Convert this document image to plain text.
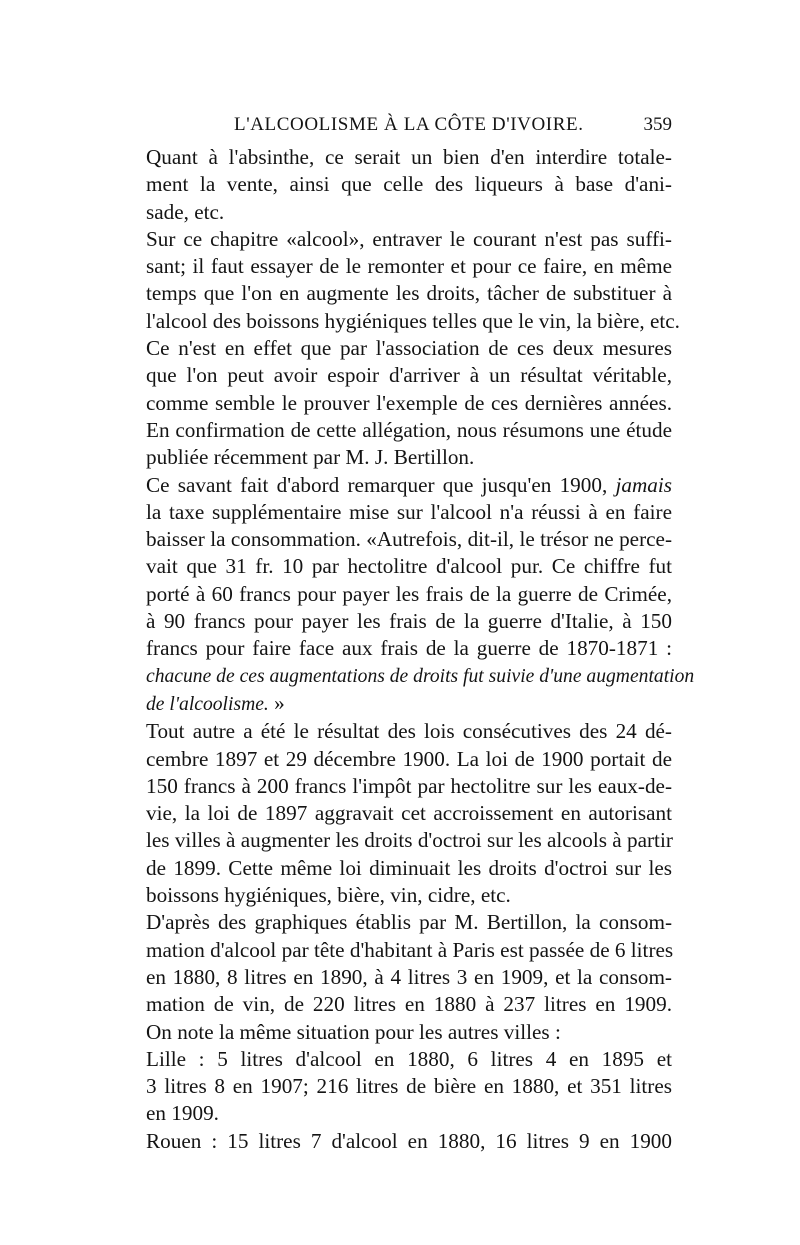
L'ALCOOLISME À LA CÔTE D'IVOIRE.	359
Quant à l'absinthe, ce serait un bien d'en interdire totale-
ment la vente, ainsi que celle des liqueurs à base d'ani-
sade, etc.
Sur ce chapitre «alcool», entraver le courant n'est pas suffi-
sant; il faut essayer de le remonter et pour ce faire, en même
temps que l'on en augmente les droits, tâcher de substituer à
l'alcool des boissons hygiéniques telles que le vin, la bière, etc.
Ce n'est en effet que par l'association de ces deux mesures
que l'on peut avoir espoir d'arriver à un résultat véritable,
comme semble le prouver l'exemple de ces dernières années.
En confirmation de cette allégation, nous résumons une étude
publiée récemment par M. J. Bertillon.
Ce savant fait d'abord remarquer que jusqu'en 1900, jamais
la taxe supplémentaire mise sur l'alcool n'a réussi à en faire
baisser la consommation. «Autrefois, dit-il, le trésor ne perce-
vait que 31 fr. 10 par hectolitre d'alcool pur. Ce chiffre fut
porté à 60 francs pour payer les frais de la guerre de Crimée,
à 90 francs pour payer les frais de la guerre d'Italie, à 150
francs pour faire face aux frais de la guerre de 1870-1871 :
chacune de ces augmentations de droits fut suivie d'une augmentation
de l'alcoolisme. »
Tout autre a été le résultat des lois consécutives des 24 dé-
cembre 1897 et 29 décembre 1900. La loi de 1900 portait de
150 francs à 200 francs l'impôt par hectolitre sur les eaux-de-
vie, la loi de 1897 aggravait cet accroissement en autorisant
les villes à augmenter les droits d'octroi sur les alcools à partir
de 1899. Cette même loi diminuait les droits d'octroi sur les
boissons hygiéniques, bière, vin, cidre, etc.
D'après des graphiques établis par M. Bertillon, la consom-
mation d'alcool par tête d'habitant à Paris est passée de 6 litres
en 1880, 8 litres en 1890, à 4 litres 3 en 1909, et la consom-
mation de vin, de 220 litres en 1880 à 237 litres en 1909.
On note la même situation pour les autres villes :
Lille : 5 litres d'alcool en 1880, 6 litres 4 en 1895 et
3 litres 8 en 1907; 216 litres de bière en 1880, et 351 litres
en 1909.
Rouen : 15 litres 7 d'alcool en 1880, 16 litres 9 en 1900
